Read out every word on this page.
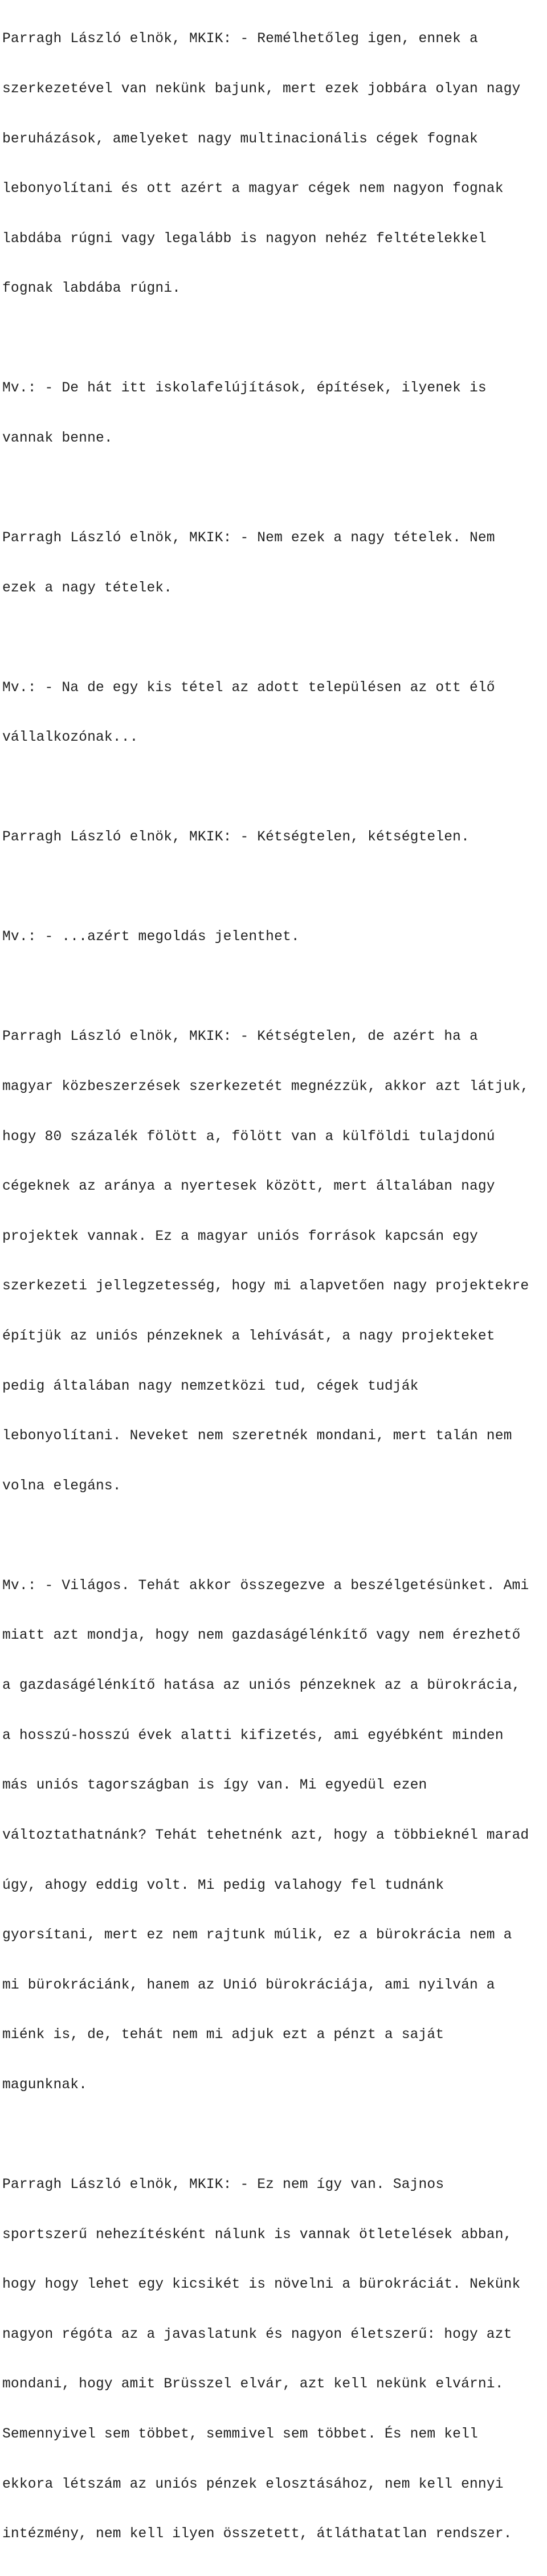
Parragh László elnök, MKIK: - Remélhetőleg igen, ennek a

szerkezetével van nekünk bajunk, mert ezek jobbára olyan nagy

beruházások, amelyeket nagy multinacionális cégek fognak

lebonyolítani és ott azért a magyar cégek nem nagyon fognak

labdába rúgni vagy legalább is nagyon nehéz feltételekkel

fognak labdába rúgni.

Mv.: - De hát itt iskolafelújítások, építések, ilyenek is

vannak benne.

Parragh László elnök, MKIK: - Nem ezek a nagy tételek. Nem

ezek a nagy tételek.

Mv.: - Na de egy kis tétel az adott településen az ott élő

vállalkozónak...

Parragh László elnök, MKIK: - Kétségtelen, kétségtelen.

Mv.: - ...azért megoldás jelenthet.

Parragh László elnök, MKIK: - Kétségtelen, de azért ha a

magyar közbeszerzések szerkezetét megnézzük, akkor azt látjuk,

hogy 80 százalék fölött a, fölött van a külföldi tulajdonú

cégeknek az aránya a nyertesek között, mert általában nagy

projektek vannak. Ez a magyar uniós források kapcsán egy

szerkezeti jellegzetesség, hogy mi alapvetően nagy projektekre

építjük az uniós pénzeknek a lehívását, a nagy projekteket

pedig általában nagy nemzetközi tud, cégek tudják

lebonyolítani. Neveket nem szeretnék mondani, mert talán nem

volna elegáns.

Mv.: - Világos. Tehát akkor összegezve a beszélgetésünket. Ami

miatt azt mondja, hogy nem gazdaságélénkítő vagy nem érezhető

a gazdaságélénkítő hatása az uniós pénzeknek az a bürokrácia,

a hosszú-hosszú évek alatti kifizetés, ami egyébként minden

más uniós tagországban is így van. Mi egyedül ezen

változtathatnánk? Tehát tehetnénk azt, hogy a többieknél marad

úgy, ahogy eddig volt. Mi pedig valahogy fel tudnánk

gyorsítani, mert ez nem rajtunk múlik, ez a bürokrácia nem a

mi bürokráciánk, hanem az Unió bürokráciája, ami nyilván a

miénk is, de, tehát nem mi adjuk ezt a pénzt a saját

magunknak.

Parragh László elnök, MKIK: - Ez nem így van. Sajnos

sportszerű nehezítésként nálunk is vannak ötletelések abban,

hogy hogy lehet egy kicsikét is növelni a bürokráciát. Nekünk

nagyon régóta az a javaslatunk és nagyon életszerű: hogy azt

mondani, hogy amit Brüsszel elvár, azt kell nekünk elvárni.

Semennyivel sem többet, semmivel sem többet. És nem kell

ekkora létszám az uniós pénzek elosztásához, nem kell ennyi

intézmény, nem kell ilyen összetett, átláthatatlan rendszer.
